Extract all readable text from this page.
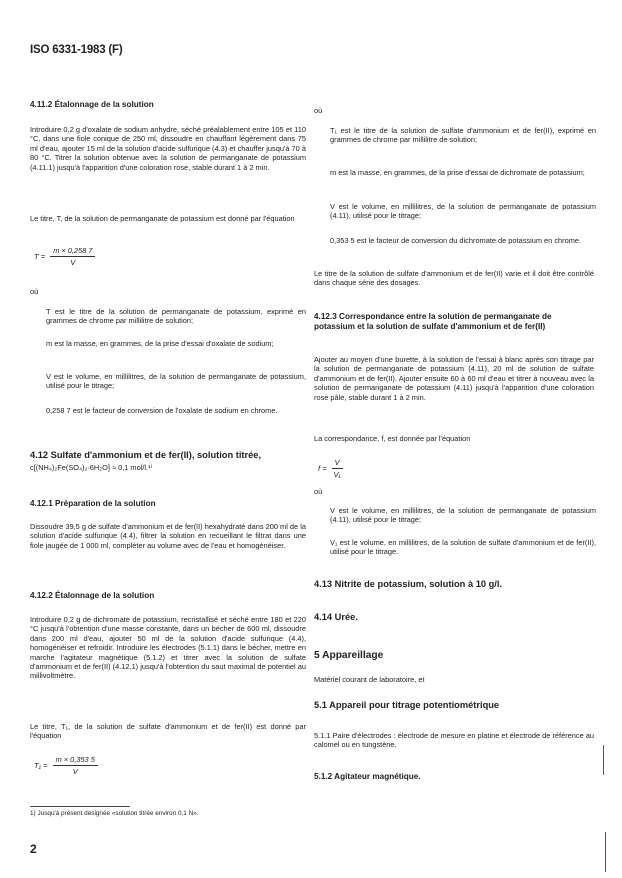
ISO 6331-1983 (F)
4.11.2 Étalonnage de la solution
Introduire 0,2 g d'oxalate de sodium anhydre, séché préalablement entre 105 et 110 °C, dans une fiole conique de 250 ml, dissoudre en chauffant légèrement dans 75 ml d'eau, ajouter 15 ml de la solution d'acide sulfurique (4.3) et chauffer jusqu'à 70 à 80 °C. Titrer la solution obtenue avec la solution de permanganate de potassium (4.11.1) jusqu'à l'apparition d'une coloration rose, stable durant 1 à 2 min.
Le titre, T, de la solution de permanganate de potassium est donné par l'équation
$T = \frac{m \times 0,258 7}{V}$
où
T est le titre de la solution de permanganate de potassium, exprimé en grammes de chrome par millilitre de solution;
m est la masse, en grammes, de la prise d'essai d'oxalate de sodium;
V est le volume, en millilitres, de la solution de permanganate de potassium, utilisé pour le titrage;
0,258 7 est le facteur de conversion de l'oxalate de sodium en chrome.
4.12 Sulfate d'ammonium et de fer(II), solution titrée,
c[(NH₄)₂Fe(SO₄)₂·6H₂O] ≈ 0,1 mol/l.¹⁾
4.12.1 Préparation de la solution
Dissoudre 39,5 g de sulfate d'ammonium et de fer(II) hexahydraté dans 200 ml de la solution d'acide sulfurique (4.4), filtrer la solution en recueillant le filtrat dans une fiole jaugée de 1 000 ml, compléter au volume avec de l'eau et homogénéiser.
4.12.2 Étalonnage de la solution
Introduire 0,2 g de dichromate de potassium, recristallisé et séché entre 180 et 220 °C jusqu'à l'obtention d'une masse constante, dans un bécher de 600 ml, dissoudre dans 200 ml d'eau, ajouter 50 ml de la solution d'acide sulfurique (4.4), homogénéiser et refroidir. Introduire les électrodes (5.1.1) dans le bécher, mettre en marche l'agitateur magnétique (5.1.2) et titrer avec la solution de sulfate d'ammonium et de fer(II) (4.12.1) jusqu'à l'obtention du saut maximal de potentiel au millivoltmètre.
Le titre, T₁, de la solution de sulfate d'ammonium et de fer(II) est donné par l'équation
$T_1 = \frac{m \times 0,353 5}{V}$
où
T₁ est le titre de la solution de sulfate d'ammonium et de fer(II), exprimé en grammes de chrome par millilitre de solution;
m est la masse, en grammes, de la prise d'essai de dichromate de potassium;
V est le volume, en millilitres, de la solution de permanganate de potassium (4.11), utilisé pour le titrage;
0,353 5 est le facteur de conversion du dichromate de potassium en chrome.
Le titre de la solution de sulfate d'ammonium et de fer(II) varie et il doit être contrôlé dans chaque série des dosages.
4.12.3 Correspondance entre la solution de permanganate de potassium et la solution de sulfate d'ammonium et de fer(II)
Ajouter au moyen d'une burette, à la solution de l'essai à blanc après son titrage par la solution de permanganate de potassium (4.11), 20 ml de solution de sulfate d'ammonium et de fer(II). Ajouter ensuite 60 à 60 ml d'eau et titrer à nouveau avec la solution de permanganate de potassium (4.11) jusqu'à l'apparition d'une coloration rose pâle, stable durant 1 à 2 min.
La correspondance, f, est donnée par l'équation
$f = \frac{V}{\text{V₁}}$
où
V est le volume, en millilitres, de la solution de permanganate de potassium (4.11), utilisé pour le titrage;
V₁ est le volume, en millilitres, de la solution de sulfate d'ammonium et de fer(II), utilisé pour le titrage.
4.13 Nitrite de potassium, solution à 10 g/l.
4.14 Urée.
5 Appareillage
Matériel courant de laboratoire, et
5.1 Appareil pour titrage potentiométrique
5.1.1 Paire d'électrodes : électrode de mesure en platine et électrode de référence au calomel ou en tungstène.
5.1.2 Agitateur magnétique.
1) Jusqu'à présent désignée «solution titrée environ 0,1 N».
2
